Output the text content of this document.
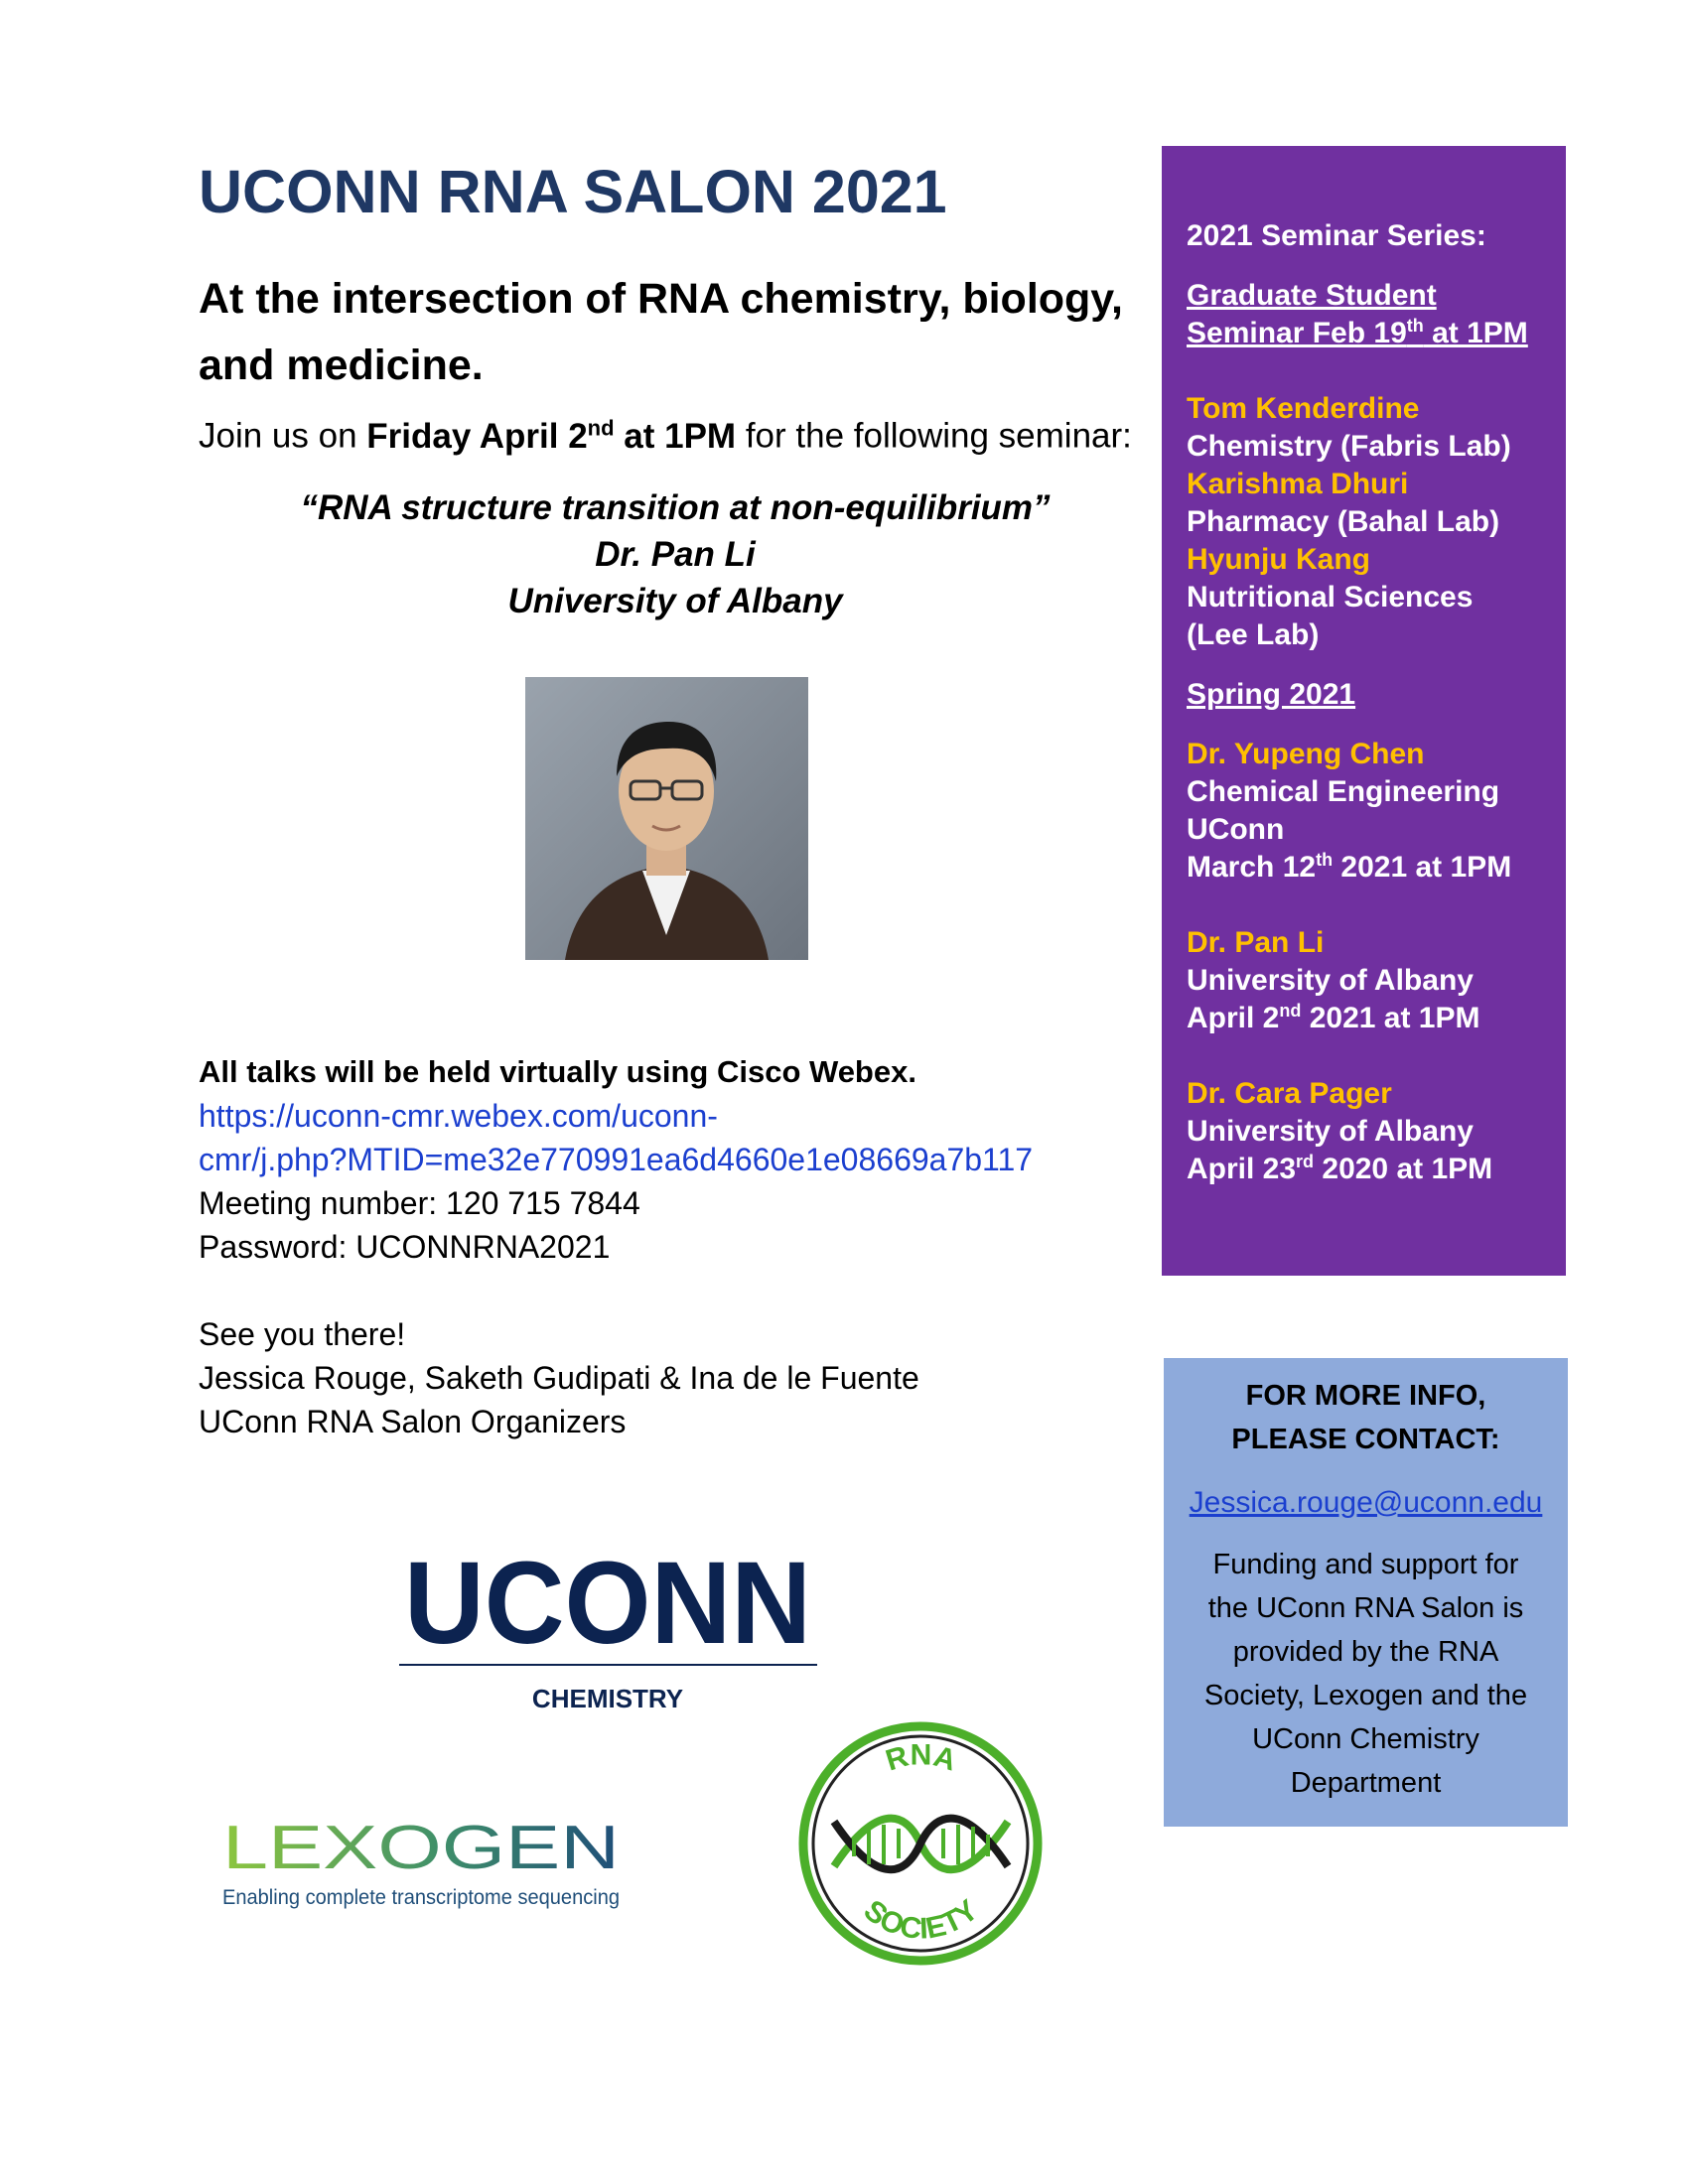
UCONN RNA SALON 2021
At the intersection of RNA chemistry, biology,
and medicine.
Join us on Friday April 2nd at 1PM for the following seminar:
“RNA structure transition at non-equilibrium”
Dr. Pan Li
University of Albany
All talks will be held virtually using Cisco Webex.
https://uconn-cmr.webex.com/uconn-
cmr/j.php?MTID=me32e770991ea6d4660e1e08669a7b117
Meeting number: 120 715 7844
Password: UCONNRNA2021
See you there!
Jessica Rouge, Saketh Gudipati & Ina de le Fuente
UConn RNA Salon Organizers
UCONN
CHEMISTRY
LEXOGEN
Enabling complete transcriptome sequencing
RNA
SOCIETY
2021 Seminar Series:
Graduate Student
Seminar Feb 19th at 1PM
Tom Kenderdine
Chemistry (Fabris Lab)
Karishma Dhuri
Pharmacy (Bahal Lab)
Hyunju Kang
Nutritional Sciences
(Lee Lab)
Spring 2021
Dr. Yupeng Chen
Chemical Engineering
UConn
March 12th 2021 at 1PM
Dr. Pan Li
University of Albany
April 2nd 2021 at 1PM
Dr. Cara Pager
University of Albany
April 23rd 2020 at 1PM
FOR MORE INFO,
PLEASE CONTACT:
Jessica.rouge@uconn.edu
Funding and support for
the UConn RNA Salon is
provided by the RNA
Society, Lexogen and the
UConn Chemistry
Department
